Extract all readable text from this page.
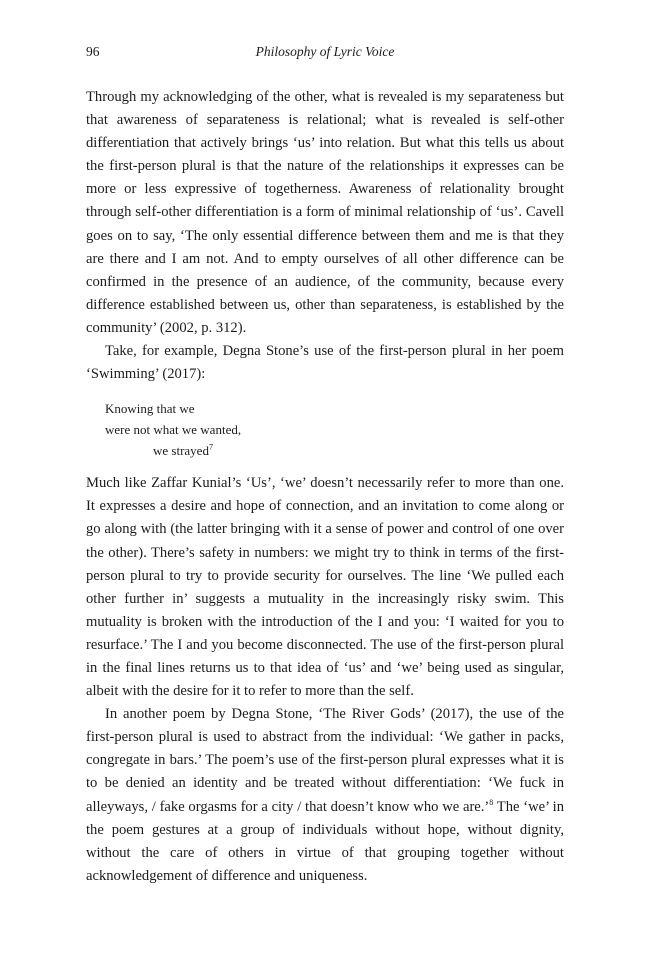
96	Philosophy of Lyric Voice

Through my acknowledging of the other, what is revealed is my separateness but that awareness of separateness is relational; what is revealed is self-other differentiation that actively brings ‘us’ into relation. But what this tells us about the first-person plural is that the nature of the relationships it expresses can be more or less expressive of togetherness. Awareness of relationality brought through self-other differentiation is a form of minimal relationship of ‘us’. Cavell goes on to say, ‘The only essential difference between them and me is that they are there and I am not. And to empty ourselves of all other difference can be confirmed in the presence of an audience, of the community, because every difference established between us, other than separateness, is established by the community’ (2002, p. 312).

Take, for example, Degna Stone’s use of the first-person plural in her poem ‘Swimming’ (2017):

Knowing that we
were not what we wanted,
we strayed$^7$

Much like Zaffar Kunial’s ‘Us’, ‘we’ doesn’t necessarily refer to more than one. It expresses a desire and hope of connection, and an invitation to come along or go along with (the latter bringing with it a sense of power and control of one over the other). There’s safety in numbers: we might try to think in terms of the first-person plural to try to provide security for ourselves. The line ‘We pulled each other further in’ suggests a mutuality in the increasingly risky swim. This mutuality is broken with the introduction of the I and you: ‘I waited for you to resurface.’ The I and you become disconnected. The use of the first-person plural in the final lines returns us to that idea of ‘us’ and ‘we’ being used as singular, albeit with the desire for it to refer to more than the self.

In another poem by Degna Stone, ‘The River Gods’ (2017), the use of the first-person plural is used to abstract from the individual: ‘We gather in packs, congregate in bars.’ The poem’s use of the first-person plural expresses what it is to be denied an identity and be treated without differentiation: ‘We fuck in alleyways, / fake orgasms for a city / that doesn’t know who we are.’$^8$ The ‘we’ in the poem gestures at a group of individuals without hope, without dignity, without the care of others in virtue of that grouping together without acknowledgement of difference and uniqueness.
